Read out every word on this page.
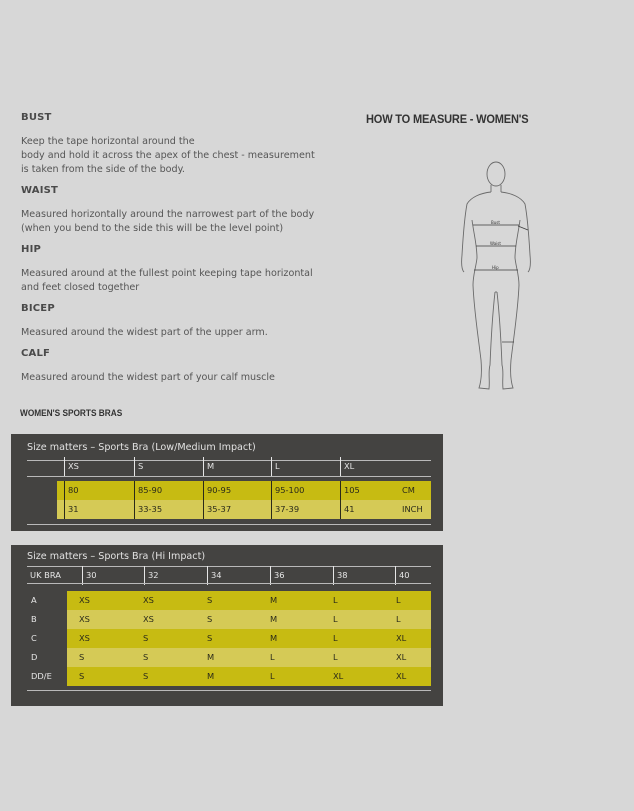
BUST

Keep the tape horizontal around the
body and hold it across the apex of the chest - measurement
is taken from the side of the body.

WAIST

Measured horizontally around the narrowest part of the body
(when you bend to the side this will be the level point)

HIP

Measured around at the fullest point keeping tape horizontal
and feet closed together

BICEP

Measured around the widest part of the upper arm.

CALF

Measured around the widest part of your calf muscle

HOW TO MEASURE - WOMEN'S
Bust
Waist
Hip
WOMEN'S SPORTS BRAS
Size matters – Sports Bra (Low/Medium Impact)
XS	S	M	L	XL
80	85-90	90-95	95-100	105	CM
31	33-35	35-37	37-39	41	INCH
Size matters – Sports Bra (Hi Impact)
UK BRA	30	32	34	36	38	40
A	XS	XS	S	M	L	L
B	XS	XS	S	M	L	L
C	XS	S	S	M	L	XL
D	S	S	M	L	L	XL
DD/E	S	S	M	L	XL	XL
